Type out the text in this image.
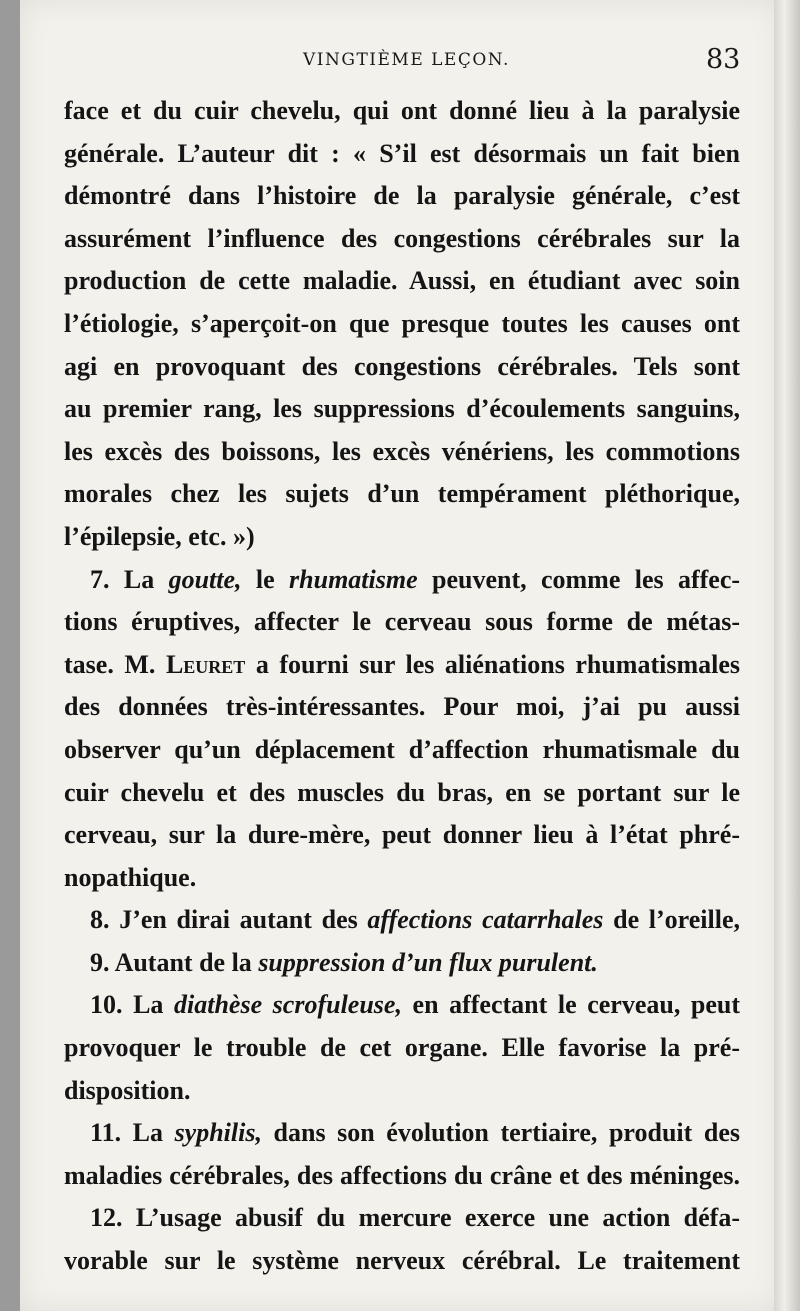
VINGTIÈME LEÇON.	83
face et du cuir chevelu, qui ont donné lieu à la paralysie
générale. L’auteur dit : « S’il est désormais un fait bien
démontré dans l’histoire de la paralysie générale, c’est
assurément l’influence des congestions cérébrales sur la
production de cette maladie. Aussi, en étudiant avec soin
l’étiologie, s’aperçoit-on que presque toutes les causes ont
agi en provoquant des congestions cérébrales. Tels sont
au premier rang, les suppressions d’écoulements sanguins,
les excès des boissons, les excès vénériens, les commotions
morales chez les sujets d’un tempérament pléthorique,
l’épilepsie, etc. »)
7. La goutte, le rhumatisme peuvent, comme les affec-
tions éruptives, affecter le cerveau sous forme de métas-
tase. M. Leuret a fourni sur les aliénations rhumatismales
des données très-intéressantes. Pour moi, j’ai pu aussi
observer qu’un déplacement d’affection rhumatismale du
cuir chevelu et des muscles du bras, en se portant sur le
cerveau, sur la dure-mère, peut donner lieu à l’état phré-
nopathique.
8. J’en dirai autant des affections catarrhales de l’oreille,
9. Autant de la suppression d’un flux purulent.
10. La diathèse scrofuleuse, en affectant le cerveau, peut
provoquer le trouble de cet organe. Elle favorise la pré-
disposition.
11. La syphilis, dans son évolution tertiaire, produit des
maladies cérébrales, des affections du crâne et des méninges.
12. L’usage abusif du mercure exerce une action défa-
vorable sur le système nerveux cérébral. Le traitement
